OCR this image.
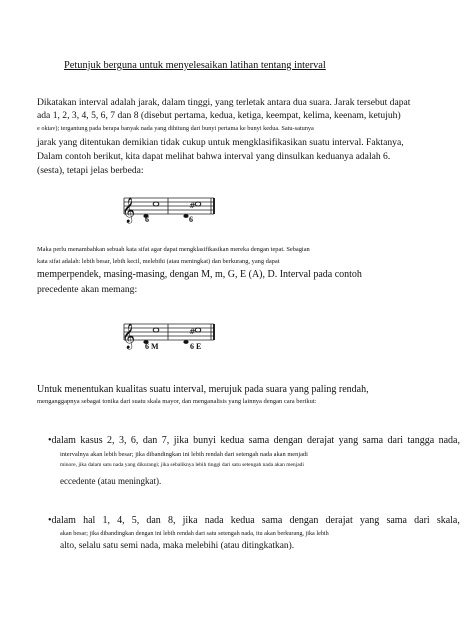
Petunjuk berguna untuk menyelesaikan latihan tentang interval
Dikatakan interval adalah jarak, dalam tinggi, yang terletak antara dua suara. Jarak tersebut dapat
ada 1, 2, 3, 4, 5, 6, 7 dan 8 (disebut pertama, kedua, ketiga, keempat, kelima, keenam, ketujuh)
e oktav); tergantung pada berapa banyak nada yang dihitung dari bunyi pertama ke bunyi kedua. Satu-satunya
jarak yang ditentukan demikian tidak cukup untuk mengklasifikasikan suatu interval. Faktanya,
Dalam contoh berikut, kita dapat melihat bahwa interval yang dinsulkan keduanya adalah 6.
(sesta), tetapi jelas berbeda:
𝄞	#
6	6
Maka perlu menambahkan sebuah kata sifat agar dapat mengklasifikasikan mereka dengan tepat. Sebagian
kata sifat adalah: lebih besar, lebih kecil, melebihi (atau meningkat) dan berkurang, yang dapat
memperpendek, masing-masing, dengan M, m, G, E (A), D. Interval pada contoh
precedente akan memang:
𝄞	#
6 M	6 E
Untuk menentukan kualitas suatu interval, merujuk pada suara yang paling rendah,
menganggapnya sebagai tonika dari suatu skala mayor, dan menganalisis yang lainnya dengan cara berikut:
•dalam kasus 2, 3, 6, dan 7, jika bunyi kedua sama dengan derajat yang sama dari tangga nada,
intervalnya akan lebih besar; jika dibandingkan ini lebih rendah dari setengah nada akan menjadi
minore, jika dalam satu nada yang dikurangi; jika sebaliknya lebih tinggi dari satu setengah nada akan menjadi
eccedente (atau meningkat).
•dalam hal 1, 4, 5, dan 8, jika nada kedua sama dengan derajat yang sama dari skala,
akan besar; jika dibandingkan dengan ini lebih rendah dari satu setengah nada, itu akan berkurang, jika lebih
alto, selalu satu semi nada, maka melebihi (atau ditingkatkan).
